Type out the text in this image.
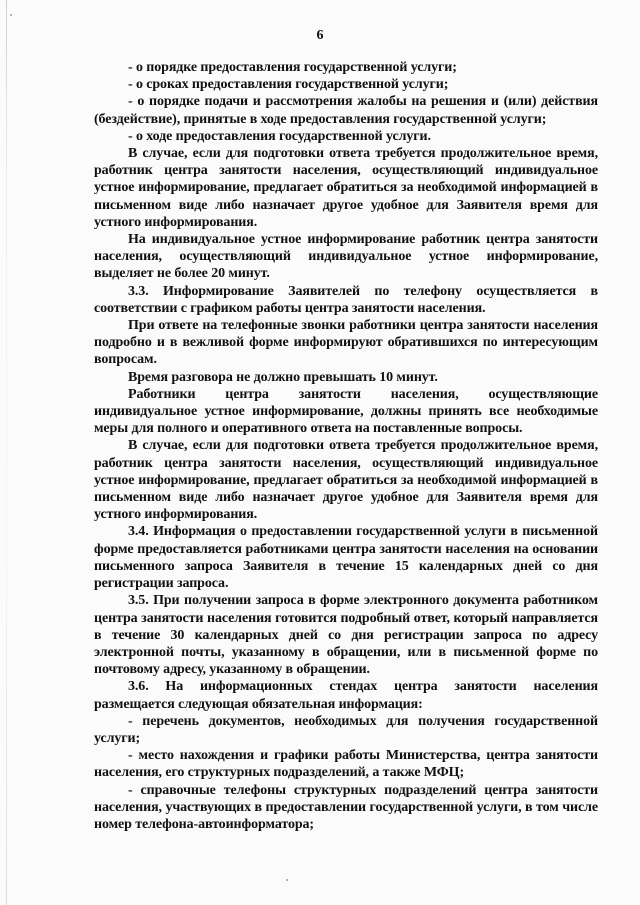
6

- о порядке предоставления государственной услуги;

- о сроках предоставления государственной услуги;

- о порядке подачи и рассмотрения жалобы на решения и (или) действия (бездействие), принятые в ходе предоставления государственной услуги;

- о ходе предоставления государственной услуги.

В случае, если для подготовки ответа требуется продолжительное время, работник центра занятости населения, осуществляющий индивидуальное устное информирование, предлагает обратиться за необходимой информацией в письменном виде либо назначает другое удобное для Заявителя время для устного информирования.

На индивидуальное устное информирование работник центра занятости населения, осуществляющий индивидуальное устное информирование, выделяет не более 20 минут.

3.3. Информирование Заявителей по телефону осуществляется в соответствии с графиком работы центра занятости населения.

При ответе на телефонные звонки работники центра занятости населения подробно и в вежливой форме информируют обратившихся по интересующим вопросам.

Время разговора не должно превышать 10 минут.

Работники центра занятости населения, осуществляющие индивидуальное устное информирование, должны принять все необходимые меры для полного и оперативного ответа на поставленные вопросы.

В случае, если для подготовки ответа требуется продолжительное время, работник центра занятости населения, осуществляющий индивидуальное устное информирование, предлагает обратиться за необходимой информацией в письменном виде либо назначает другое удобное для Заявителя время для устного информирования.

3.4. Информация о предоставлении государственной услуги в письменной форме предоставляется работниками центра занятости населения на основании письменного запроса Заявителя в течение 15 календарных дней со дня регистрации запроса.

3.5. При получении запроса в форме электронного документа работником центра занятости населения готовится подробный ответ, который направляется в течение 30 календарных дней со дня регистрации запроса по адресу электронной почты, указанному в обращении, или в письменной форме по почтовому адресу, указанному в обращении.

3.6. На информационных стендах центра занятости населения размещается следующая обязательная информация:

- перечень документов, необходимых для получения государственной услуги;

- место нахождения и графики работы Министерства, центра занятости населения, его структурных подразделений, а также МФЦ;

- справочные телефоны структурных подразделений центра занятости населения, участвующих в предоставлении государственной услуги, в том числе номер телефона-автоинформатора;
